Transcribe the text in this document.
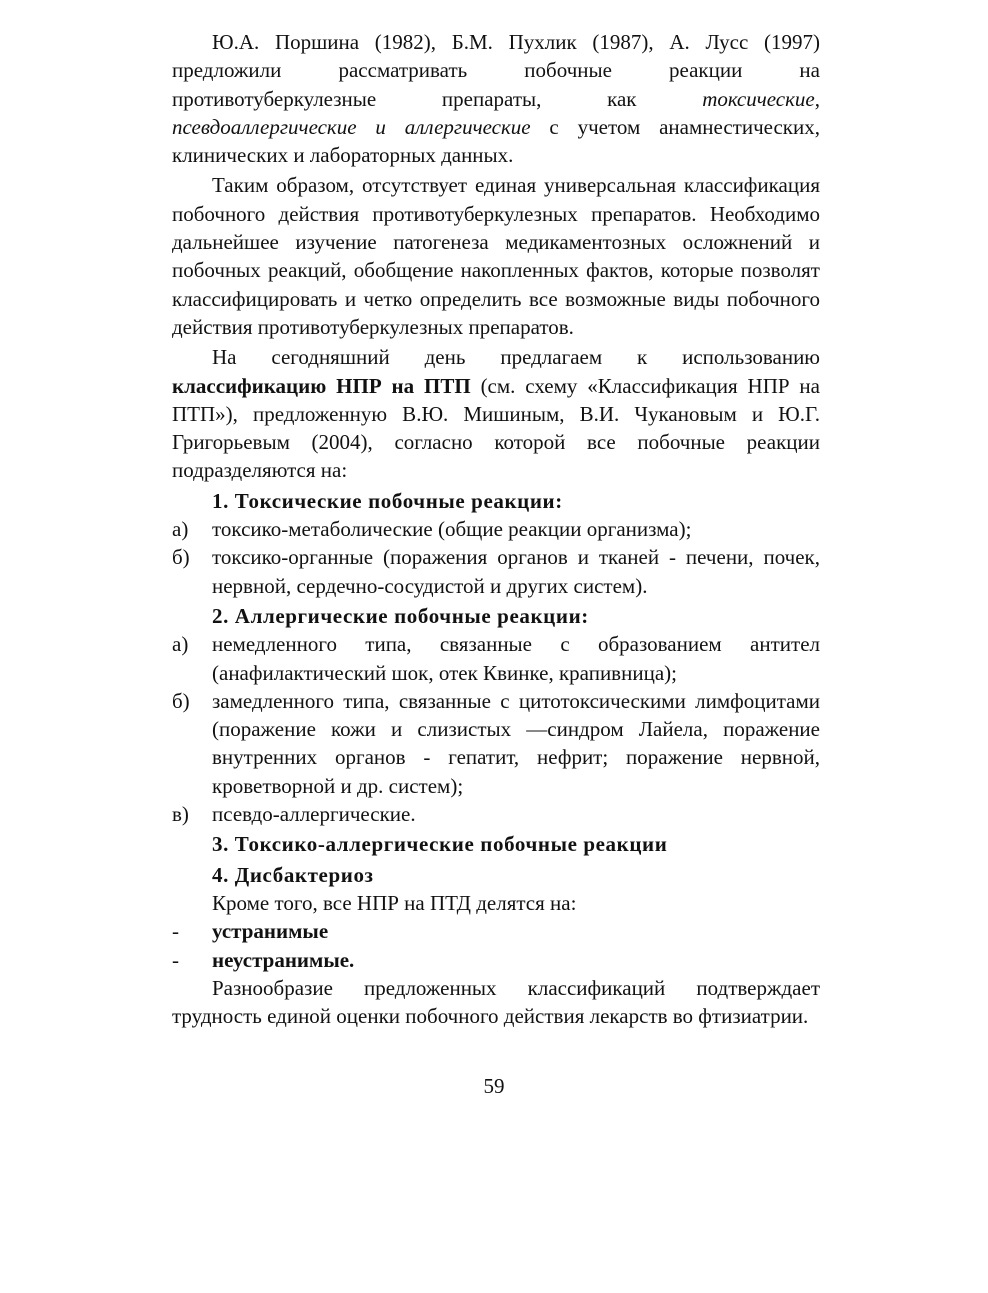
Ю.А. Поршина (1982), Б.М. Пухлик (1987), А. Лусс (1997) предложили рассматривать побочные реакции на противотуберкулезные препараты, как токсические, псевдоаллергические и аллергические с учетом анамнестических, клинических и лабораторных данных.

Таким образом, отсутствует единая универсальная классификация побочного действия противотуберкулезных препаратов. Необходимо дальнейшее изучение патогенеза медикаментозных осложнений и побочных реакций, обобщение накопленных фактов, которые позволят классифицировать и четко определить все возможные виды побочного действия противотуберкулезных препаратов.

На сегодняшний день предлагаем к использованию классификацию НПР на ПТП (см. схему «Классификация НПР на ПТП»), предложенную В.Ю. Мишиным, В.И. Чукановым и Ю.Г. Григорьевым (2004), согласно которой все побочные реакции подразделяются на:

1. Токсические побочные реакции:
а)	токсико-метаболические (общие реакции организма);
б)	токсико-органные (поражения органов и тканей - печени, почек, нервной, сердечно-сосудистой и других систем).
2. Аллергические побочные реакции:
а)	немедленного типа, связанные с образованием антител (анафилактический шок, отек Квинке, крапивница);
б)	замедленного типа, связанные с цитотоксическими лимфоцитами (поражение кожи и слизистых —синдром Лайела, поражение внутренних органов - гепатит, нефрит; поражение нервной, кроветворной и др. систем);
в)	псевдо-аллергические.
3. Токсико-аллергические побочные реакции
4. Дисбактериоз

Кроме того, все НПР на ПТД делятся на:

-	устранимые
-	неустранимые.

Разнообразие предложенных классификаций подтверждает трудность единой оценки побочного действия лекарств во фтизиатрии.

59
